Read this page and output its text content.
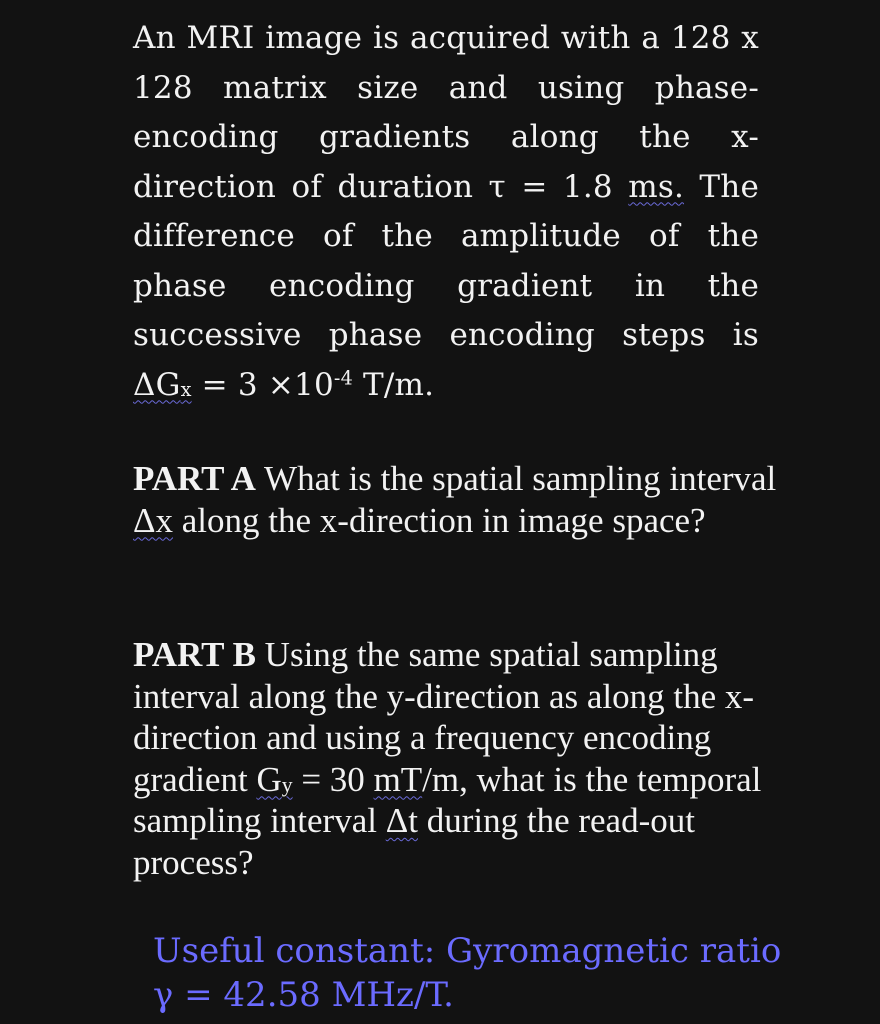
An MRI image is acquired with a 128 x 128 matrix size and using phase-encoding gradients along the x-direction of duration τ = 1.8 ms. The difference of the amplitude of the phase encoding gradient in the successive phase encoding steps is $\Delta G_x = 3 \times 10^{-4}$ T/m.

PART A What is the spatial sampling interval Δx along the x-direction in image space?

PART B Using the same spatial sampling interval along the y-direction as along the x-direction and using a frequency encoding gradient $G_y = 30$ mT/m, what is the temporal sampling interval Δt during the read-out process?

Useful constant: Gyromagnetic ratio
γ = 42.58 MHz/T.
